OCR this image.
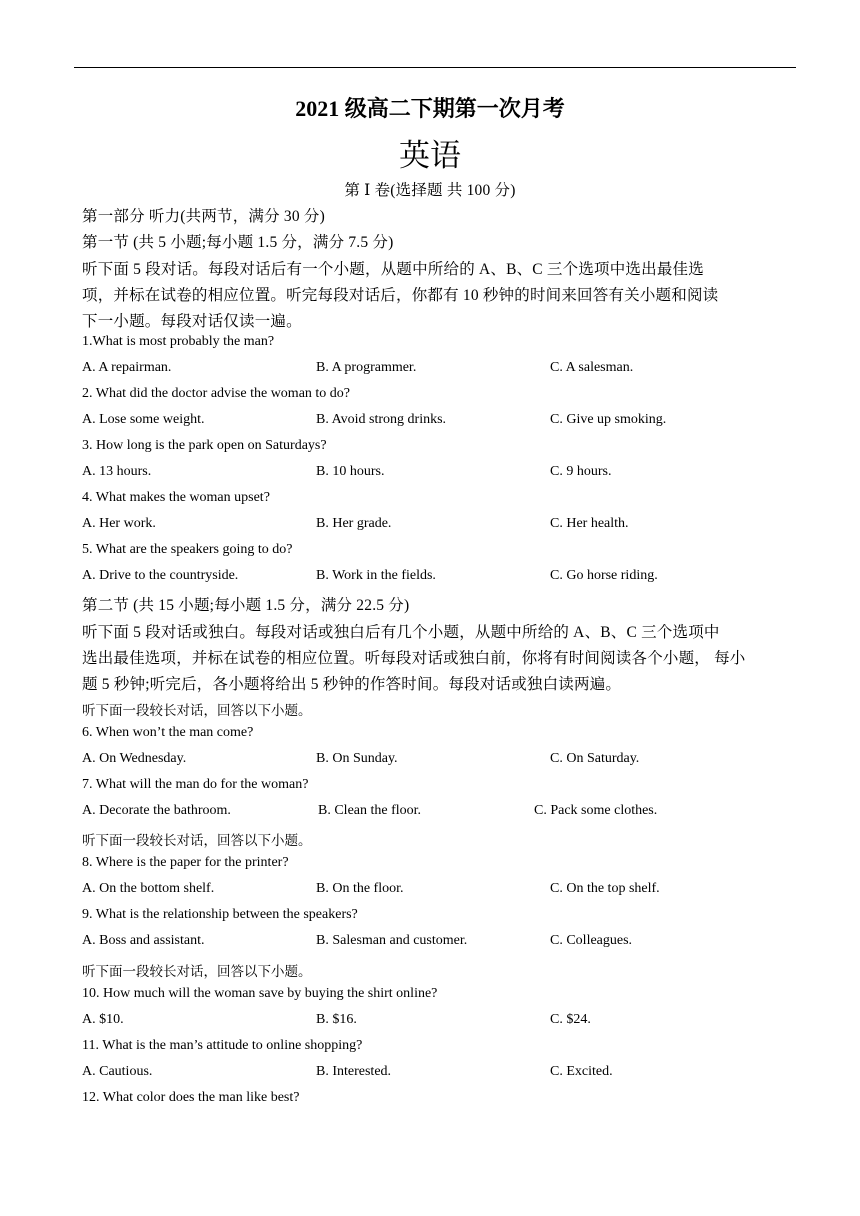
2021 级高二下期第一次月考
英语
第 Ⅰ 卷(选择题 共 100 分)
第一部分 听力(共两节，满分 30 分)
第一节 (共 5 小题;每小题 1.5 分，满分 7.5 分)
听下面 5 段对话。每段对话后有一个小题，从题中所给的 A、B、C 三个选项中选出最佳选
项，并标在试卷的相应位置。听完每段对话后，你都有 10 秒钟的时间来回答有关小题和阅读
下一小题。每段对话仅读一遍。
1.What is most probably the man?
A. A repairman.	B. A programmer.	C. A salesman.
2. What did the doctor advise the woman to do?
A. Lose some weight.	B. Avoid strong drinks.	C. Give up smoking.
3. How long is the park open on Saturdays?
A. 13 hours.	B. 10 hours.	C. 9 hours.
4. What makes the woman upset?
A. Her work.	B. Her grade.	C. Her health.
5. What are the speakers going to do?
A. Drive to the countryside.	B. Work in the fields.	C. Go horse riding.
第二节 (共 15 小题;每小题 1.5 分，满分 22.5 分)
听下面 5 段对话或独白。每段对话或独白后有几个小题，从题中所给的 A、B、C 三个选项中
选出最佳选项，并标在试卷的相应位置。听每段对话或独白前，你将有时间阅读各个小题， 每小
题 5 秒钟;听完后，各小题将给出 5 秒钟的作答时间。每段对话或独白读两遍。
听下面一段较长对话，回答以下小题。
6. When won’t the man come?
A. On Wednesday.	B. On Sunday.	C. On Saturday.
7. What will the man do for the woman?
A. Decorate the bathroom.	B. Clean the floor.	C. Pack some clothes.
听下面一段较长对话，回答以下小题。
8. Where is the paper for the printer?
A. On the bottom shelf.	B. On the floor.	C. On the top shelf.
9. What is the relationship between the speakers?
A. Boss and assistant.	B. Salesman and customer.	C. Colleagues.
听下面一段较长对话，回答以下小题。
10. How much will the woman save by buying the shirt online?
A. $10.	B. $16.	C. $24.
11. What is the man’s attitude to online shopping?
A. Cautious.	B. Interested.	C. Excited.
12. What color does the man like best?
